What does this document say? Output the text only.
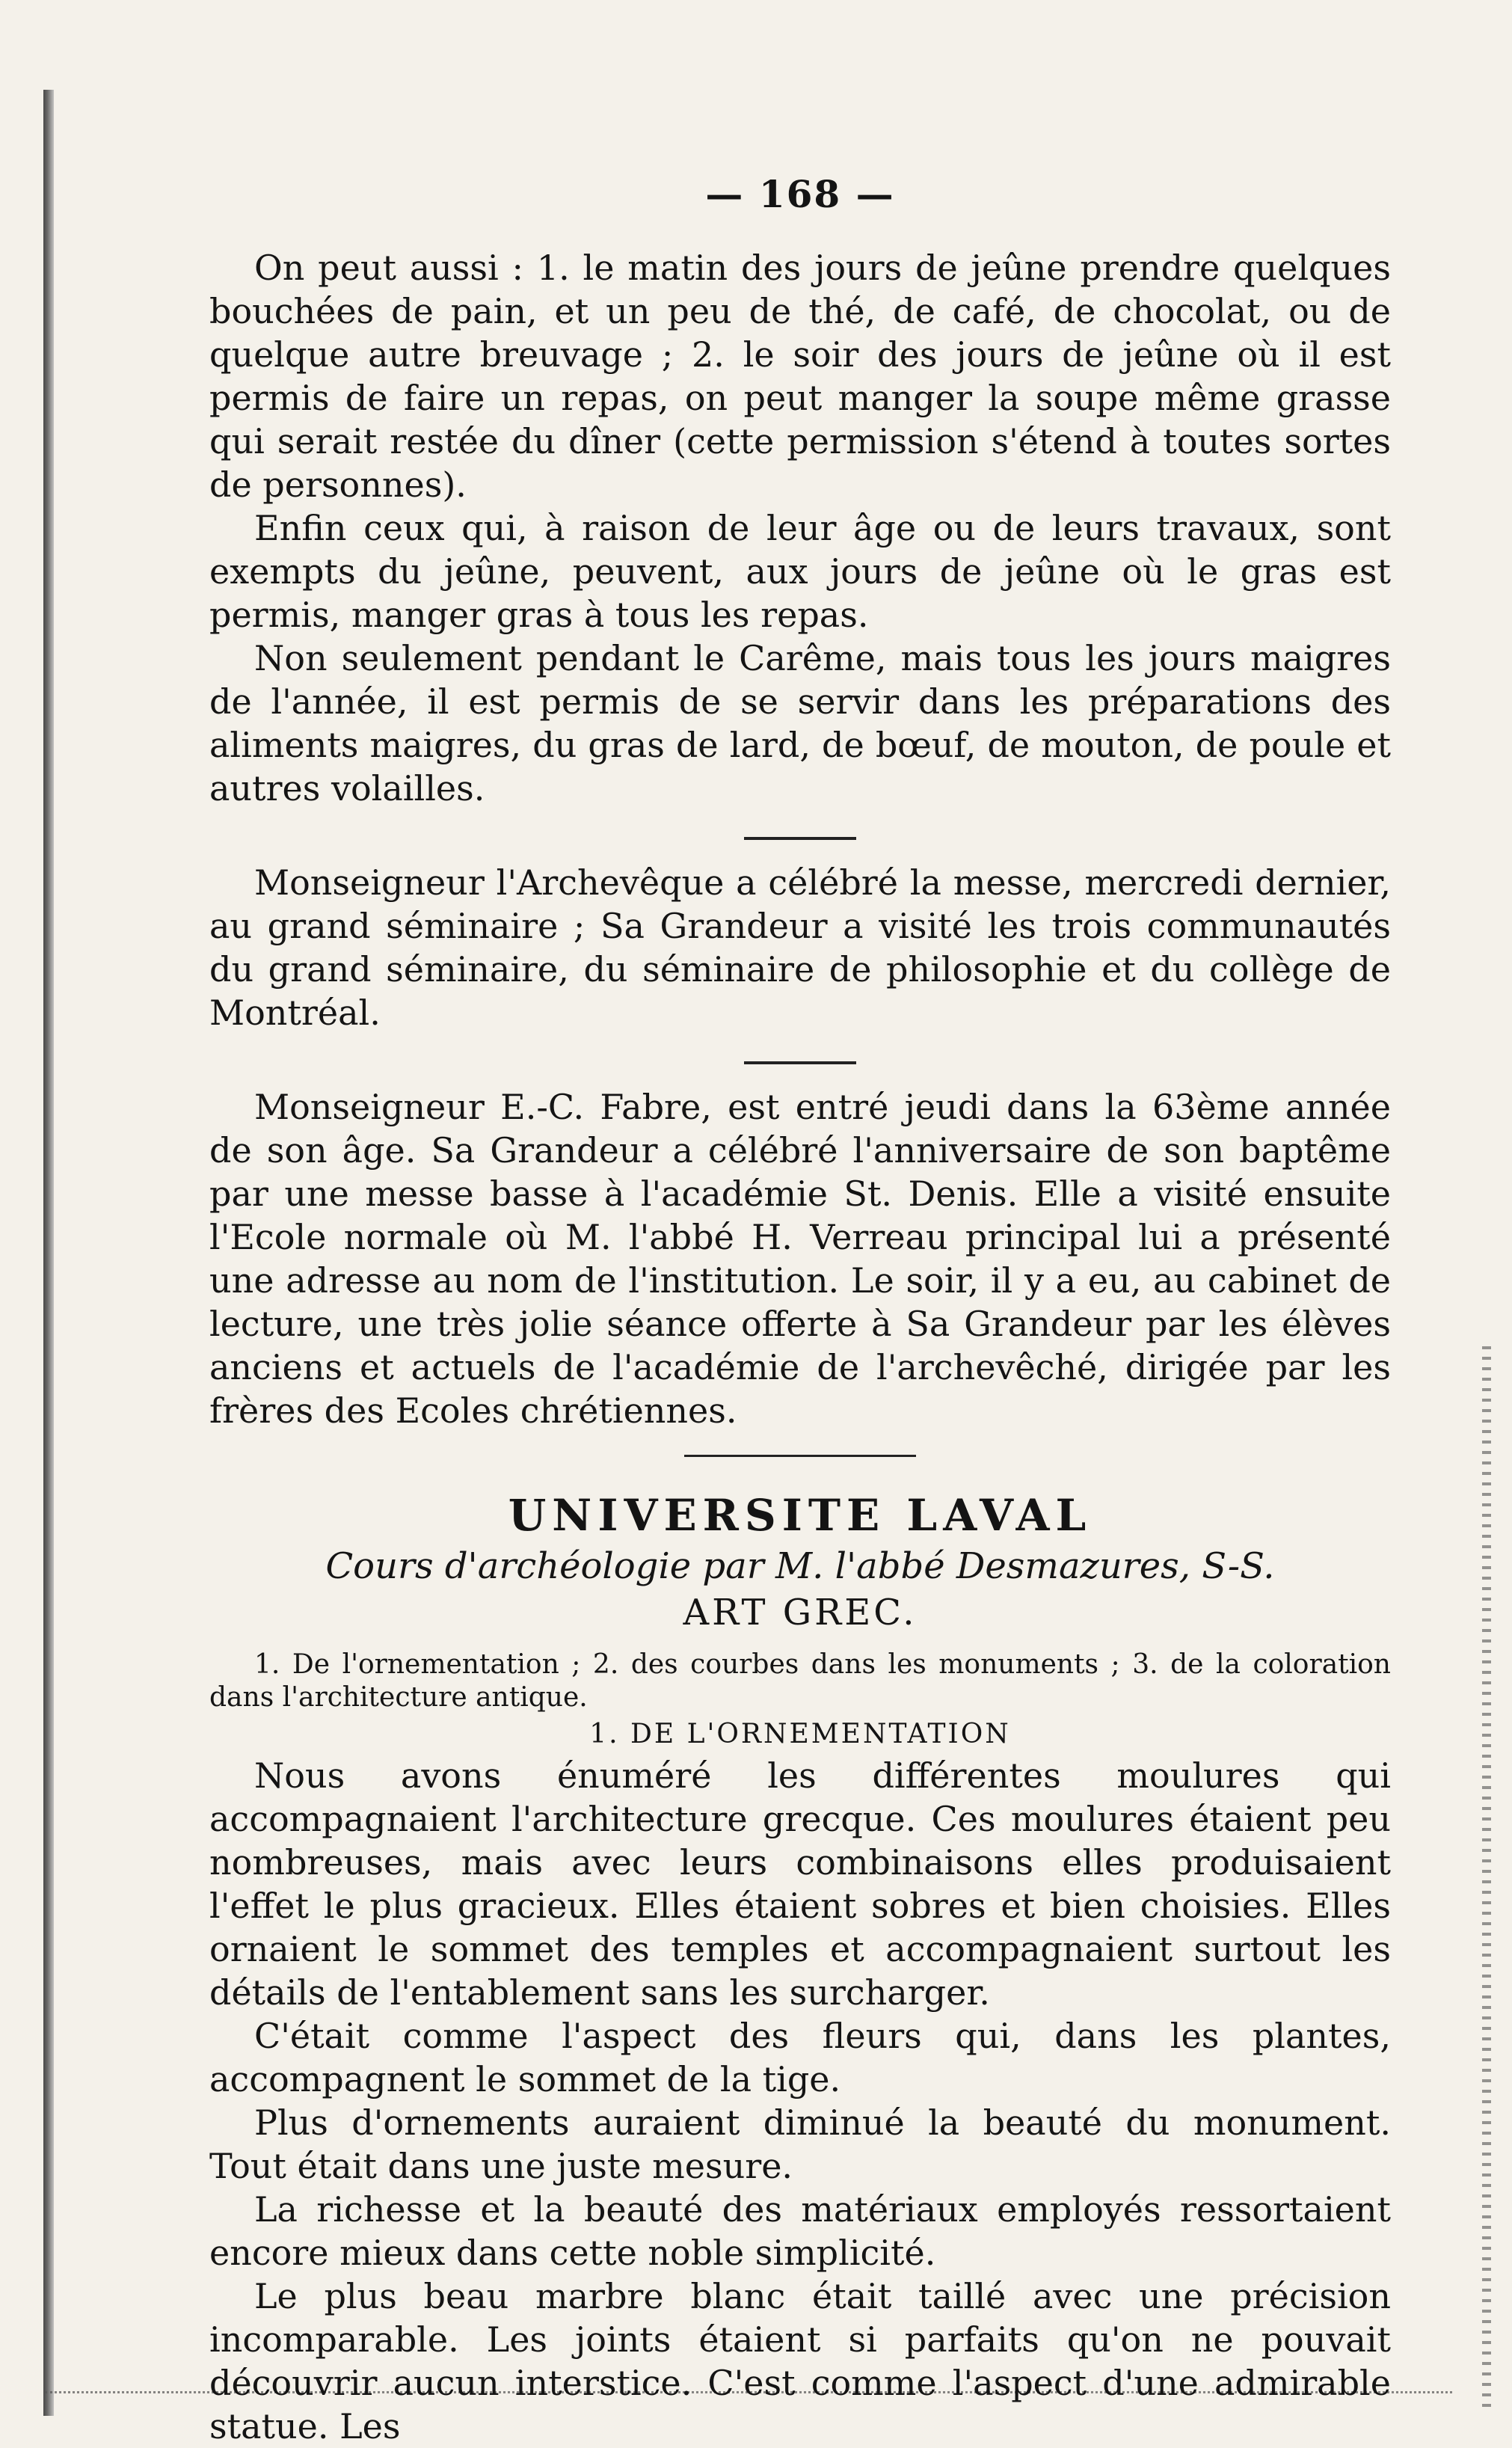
— 168 —

On peut aussi : 1. le matin des jours de jeûne prendre quelques bouchées de pain, et un peu de thé, de café, de chocolat, ou de quelque autre breuvage ; 2. le soir des jours de jeûne où il est permis de faire un repas, on peut manger la soupe même grasse qui serait restée du dîner (cette permission s'étend à toutes sortes de personnes).

Enfin ceux qui, à raison de leur âge ou de leurs travaux, sont exempts du jeûne, peuvent, aux jours de jeûne où le gras est permis, manger gras à tous les repas.

Non seulement pendant le Carême, mais tous les jours maigres de l'année, il est permis de se servir dans les préparations des aliments maigres, du gras de lard, de bœuf, de mouton, de poule et autres volailles.

Monseigneur l'Archevêque a célébré la messe, mercredi dernier, au grand séminaire ; Sa Grandeur a visité les trois communautés du grand séminaire, du séminaire de philosophie et du collège de Montréal.

Monseigneur E.-C. Fabre, est entré jeudi dans la 63ème année de son âge. Sa Grandeur a célébré l'anniversaire de son baptême par une messe basse à l'académie St. Denis. Elle a visité ensuite l'Ecole normale où M. l'abbé H. Verreau principal lui a présenté une adresse au nom de l'institution. Le soir, il y a eu, au cabinet de lecture, une très jolie séance offerte à Sa Grandeur par les élèves anciens et actuels de l'académie de l'archevêché, dirigée par les frères des Ecoles chrétiennes.

UNIVERSITE LAVAL
Cours d'archéologie par M. l'abbé Desmazures, S-S.
ART GREC.

1. De l'ornementation ; 2. des courbes dans les monuments ; 3. de la coloration dans l'architecture antique.

1. DE L'ORNEMENTATION

Nous avons énuméré les différentes moulures qui accompagnaient l'architecture grecque. Ces moulures étaient peu nombreuses, mais avec leurs combinaisons elles produisaient l'effet le plus gracieux. Elles étaient sobres et bien choisies. Elles ornaient le sommet des temples et accompagnaient surtout les détails de l'entablement sans les surcharger.

C'était comme l'aspect des fleurs qui, dans les plantes, accompagnent le sommet de la tige.

Plus d'ornements auraient diminué la beauté du monument. Tout était dans une juste mesure.

La richesse et la beauté des matériaux employés ressortaient encore mieux dans cette noble simplicité.

Le plus beau marbre blanc était taillé avec une précision incomparable. Les joints étaient si parfaits qu'on ne pouvait découvrir aucun interstice. C'est comme l'aspect d'une admirable statue. Les
